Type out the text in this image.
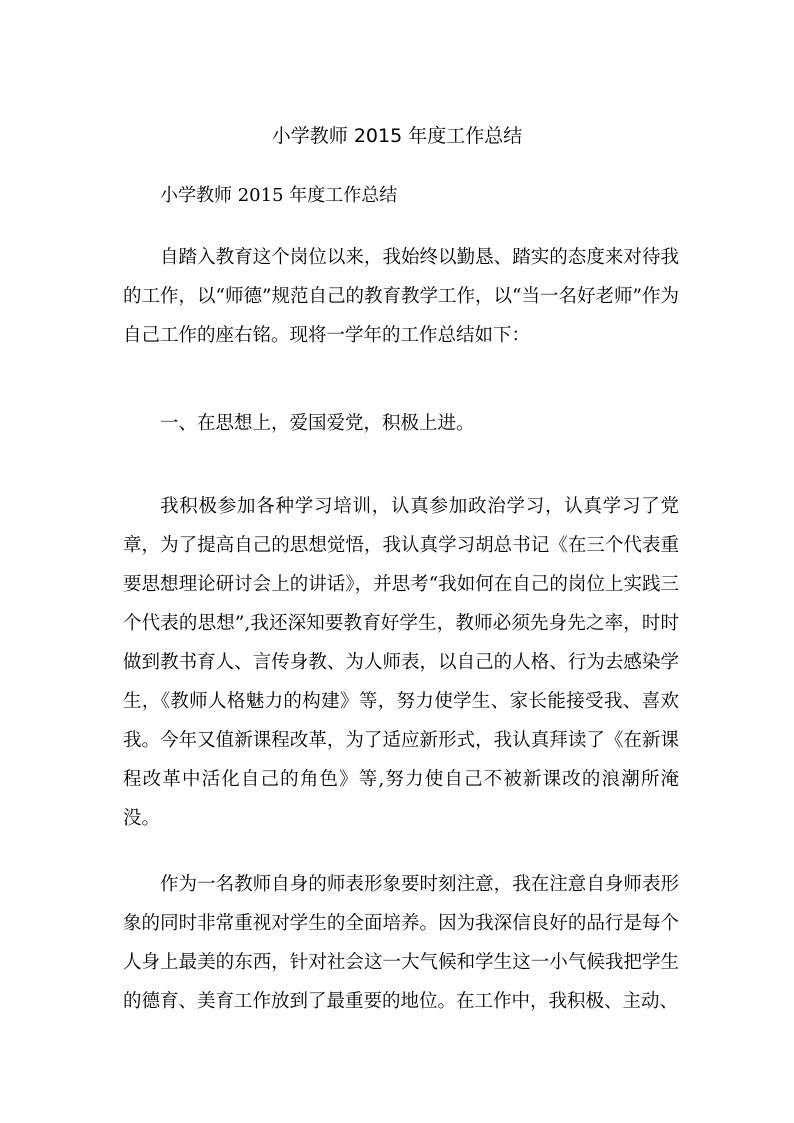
小学教师 2015 年度工作总结
小学教师 2015 年度工作总结

自踏入教育这个岗位以来，我始终以勤恳、踏实的态度来对待我的工作，以“师德”规范自己的教育教学工作，以“当一名好老师”作为自己工作的座右铭。现将一学年的工作总结如下：

一、在思想上，爱国爱党，积极上进。

我积极参加各种学习培训，认真参加政治学习，认真学习了党章，为了提高自己的思想觉悟，我认真学习胡总书记《在三个代表重要思想理论研讨会上的讲话》，并思考“我如何在自己的岗位上实践三个代表的思想”,我还深知要教育好学生，教师必须先身先之率，时时做到教书育人、言传身教、为人师表，以自己的人格、行为去感染学生，《教师人格魅力的构建》等，努力使学生、家长能接受我、喜欢我。今年又值新课程改革，为了适应新形式，我认真拜读了《在新课程改革中活化自己的角色》等,努力使自己不被新课改的浪潮所淹没。

作为一名教师自身的师表形象要时刻注意，我在注意自身师表形象的同时非常重视对学生的全面培养。因为我深信良好的品行是每个人身上最美的东西，针对社会这一大气候和学生这一小气候我把学生的德育、美育工作放到了最重要的地位。在工作中，我积极、主动、
